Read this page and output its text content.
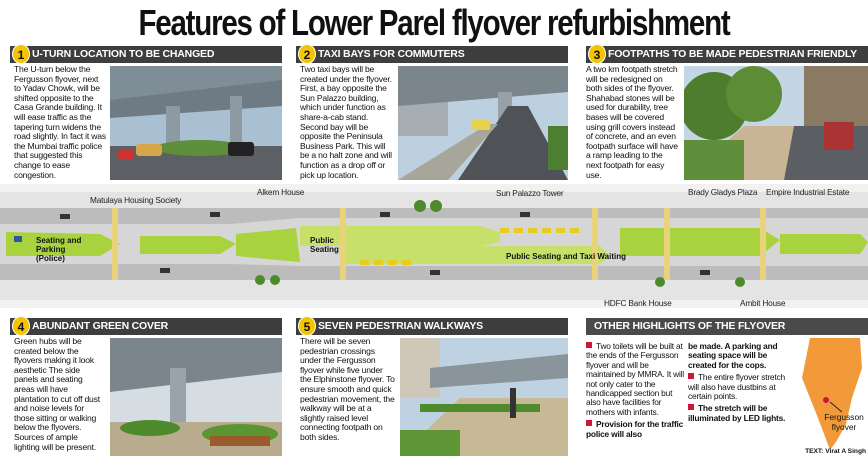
Features of Lower Parel flyover refurbishment
U-TURN LOCATION TO BE CHANGED
1
The U-turn below the Fergusson flyover, next to Yadav Chowk, will be shifted opposite to the Casa Grande building. It will ease traffic as the tapering turn widens the road slightly. In fact it was the Mumbai traffic police that suggested this change to ease congestion.
TAXI BAYS FOR COMMUTERS
2
Two taxi bays will be created under the flyover. First, a bay opposite the Sun Palazzo building, which under function as share-a-cab stand. Second bay will be opposite the Peninsula Business Park. This will be a no halt zone and will function as a drop off or pick up location.
FOOTPATHS TO BE MADE PEDESTRIAN FRIENDLY
3
A two km footpath stretch will be redesigned on both sides of the flyover. Shahabad stones will be used for durability, tree bases will be covered using grill covers instead of concrete, and an even footpath surface will have a ramp leading to the next footpath for easy use.
Matulaya Housing Society
Alkem House	Sun Palazzo Tower	Brady Gladys Plaza Empire Industrial Estate
HDFC Bank House	Ambit House
Seating and
Parking
(Police)
Public
Seating
Public Seating and Taxi Waiting
ABUNDANT GREEN COVER
4
Green hubs will be created below the flyovers making it look aesthetic The side panels and seating areas will have plantation to cut off dust and noise levels for those sitting or walking below the flyovers. Sources of ample lighting will be present.
SEVEN PEDESTRIAN WALKWAYS
5
There will be seven pedestrian crossings under the Fergusson flyover while five under the Elphinstone flyover. To ensure smooth and quick pedestrian movement, the walkway will be at a slightly raised level connecting footpath on both sides.
OTHER HIGHLIGHTS OF THE FLYOVER

Two toilets will be built at the ends of the Fergusson flyover and will be maintained by MMRA. It will not only cater to the handicapped section but also have facilities for mothers with infants.

Provision for the traffic police will also

be made. A parking and seating space will be created for the cops.

The entire flyover stretch will also have dustbins at certain points.

The stretch will be illuminated by LED lights.	Fergusson flyover
TEXT: Virat A Singh
